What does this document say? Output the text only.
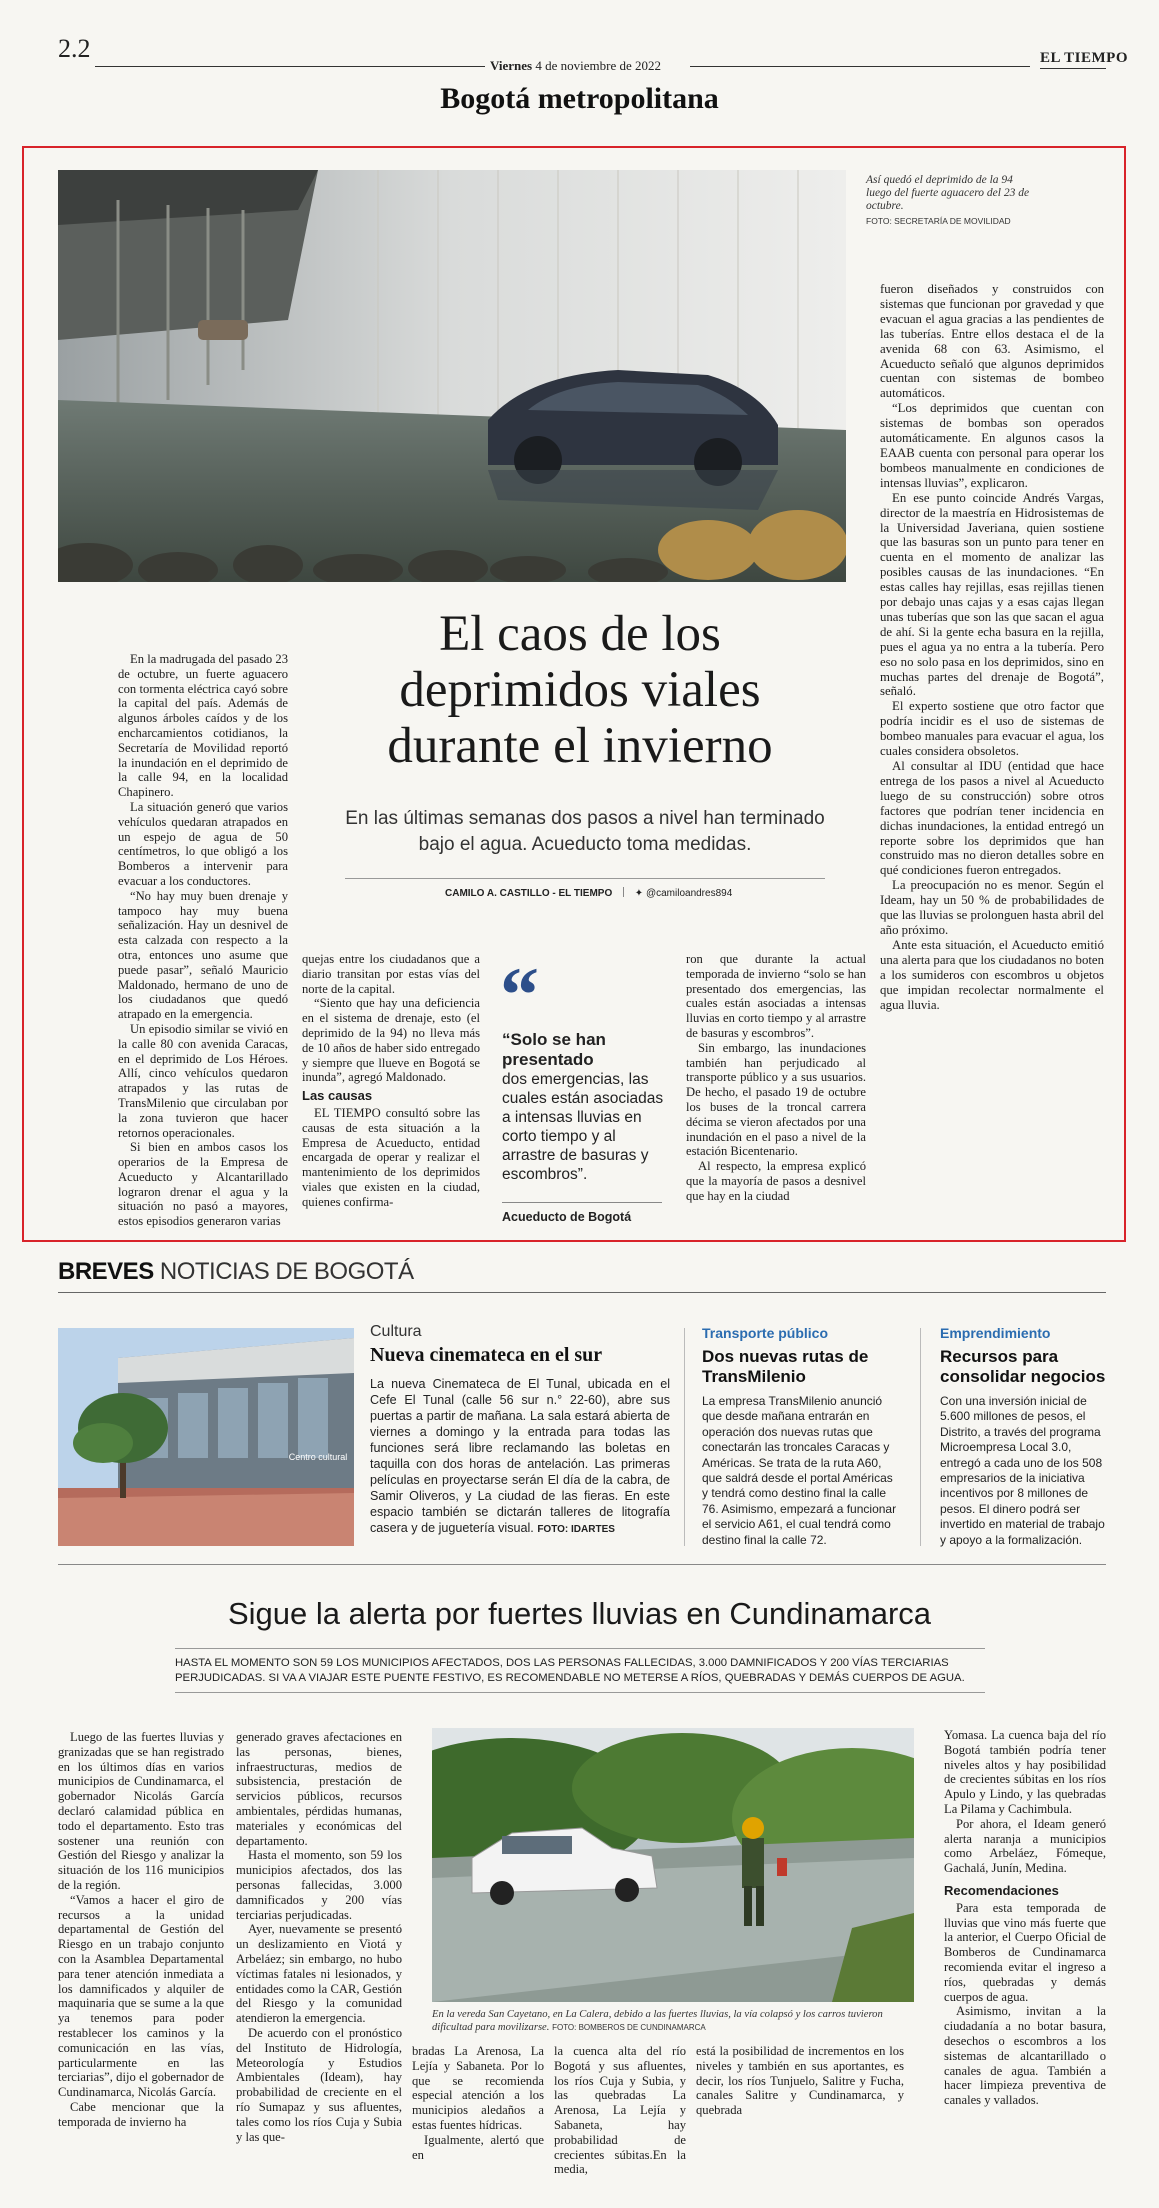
2.2
Viernes 4 de noviembre de 2022	EL TIEMPO
Bogotá metropolitana
Así quedó el deprimido de la 94 luego del fuerte aguacero del 23 de octubre.
FOTO: SECRETARÍA DE MOVILIDAD
El caos de los deprimidos viales durante el invierno
En las últimas semanas dos pasos a nivel han terminado bajo el agua. Acueducto toma medidas.
CAMILO A. CASTILLO - EL TIEMPO ✦ @camiloandres894

En la madrugada del pasado 23 de octubre, un fuerte aguacero con tormenta eléctrica cayó sobre la capital del país. Además de algunos árboles caídos y de los encharcamientos cotidianos, la Secretaría de Movilidad reportó la inundación en el deprimido de la calle 94, en la localidad Chapinero.

La situación generó que varios vehículos quedaran atrapados en un espejo de agua de 50 centímetros, lo que obligó a los Bomberos a intervenir para evacuar a los conductores.

“No hay muy buen drenaje y tampoco hay muy buena señalización. Hay un desnivel de esta calzada con respecto a la otra, entonces uno asume que puede pasar”, señaló Mauricio Maldonado, hermano de uno de los ciudadanos que quedó atrapado en la emergencia.

Un episodio similar se vivió en la calle 80 con avenida Caracas, en el deprimido de Los Héroes. Allí, cinco vehículos quedaron atrapados y las rutas de TransMilenio que circulaban por la zona tuvieron que hacer retornos operacionales.

Si bien en ambos casos los operarios de la Empresa de Acueducto y Alcantarillado lograron drenar el agua y la situación no pasó a mayores, estos episodios generaron varias

quejas entre los ciudadanos que a diario transitan por estas vías del norte de la capital.

“Siento que hay una deficiencia en el sistema de drenaje, esto (el deprimido de la 94) no lleva más de 10 años de haber sido entregado y siempre que llueve en Bogotá se inunda”, agregó Maldonado.

Las causas

EL TIEMPO consultó sobre las causas de esta situación a la Empresa de Acueducto, entidad encargada de operar y realizar el mantenimiento de los deprimidos viales que existen en la ciudad, quienes confirma-

“
“Solo se han presentado
dos emergencias, las cuales están asociadas a intensas lluvias en corto tiempo y al arrastre de basuras y escombros”.
Acueducto de Bogotá

ron que durante la actual temporada de invierno “solo se han presentado dos emergencias, las cuales están asociadas a intensas lluvias en corto tiempo y al arrastre de basuras y escombros”.

Sin embargo, las inundaciones también han perjudicado al transporte público y a sus usuarios. De hecho, el pasado 19 de octubre los buses de la troncal carrera décima se vieron afectados por una inundación en el paso a nivel de la estación Bicentenario.

Al respecto, la empresa explicó que la mayoría de pasos a desnivel que hay en la ciudad

fueron diseñados y construidos con sistemas que funcionan por gravedad y que evacuan el agua gracias a las pendientes de las tuberías. Entre ellos destaca el de la avenida 68 con 63. Asimismo, el Acueducto señaló que algunos deprimidos cuentan con sistemas de bombeo automáticos.

“Los deprimidos que cuentan con sistemas de bombas son operados automáticamente. En algunos casos la EAAB cuenta con personal para operar los bombeos manualmente en condiciones de intensas lluvias”, explicaron.

En ese punto coincide Andrés Vargas, director de la maestría en Hidrosistemas de la Universidad Javeriana, quien sostiene que las basuras son un punto para tener en cuenta en el momento de analizar las posibles causas de las inundaciones. “En estas calles hay rejillas, esas rejillas tienen por debajo unas cajas y a esas cajas llegan unas tuberías que son las que sacan el agua de ahí. Si la gente echa basura en la rejilla, pues el agua ya no entra a la tubería. Pero eso no solo pasa en los deprimidos, sino en muchas partes del drenaje de Bogotá”, señaló.

El experto sostiene que otro factor que podría incidir es el uso de sistemas de bombeo manuales para evacuar el agua, los cuales considera obsoletos.

Al consultar al IDU (entidad que hace entrega de los pasos a nivel al Acueducto luego de su construcción) sobre otros factores que podrían tener incidencia en dichas inundaciones, la entidad entregó un reporte sobre los deprimidos que han construido mas no dieron detalles sobre en qué condiciones fueron entregados.

La preocupación no es menor. Según el Ideam, hay un 50 % de probabilidades de que las lluvias se prolonguen hasta abril del año próximo.

Ante esta situación, el Acueducto emitió una alerta para que los ciudadanos no boten a los sumideros con escombros u objetos que impidan recolectar normalmente el agua lluvia.

BREVES NOTICIAS DE BOGOTÁ
Centro cultural
Cultura
Nueva cinemateca en el sur
La nueva Cinemateca de El Tunal, ubicada en el Cefe El Tunal (calle 56 sur n.° 22-60), abre sus puertas a partir de mañana. La sala estará abierta de viernes a domingo y la entrada para todas las funciones será libre reclamando las boletas en taquilla con dos horas de antelación. Las primeras películas en proyectarse serán El día de la cabra, de Samir Oliveros, y La ciudad de las fieras. En este espacio también se dictarán talleres de litografía casera y de juguetería visual. FOTO: IDARTES
Transporte público
Dos nuevas rutas de TransMilenio
La empresa TransMilenio anunció que desde mañana entrarán en operación dos nuevas rutas que conectarán las troncales Caracas y Américas. Se trata de la ruta A60, que saldrá desde el portal Américas y tendrá como destino final la calle 76. Asimismo, empezará a funcionar el servicio A61, el cual tendrá como destino final la calle 72.
Emprendimiento
Recursos para consolidar negocios
Con una inversión inicial de 5.600 millones de pesos, el Distrito, a través del programa Microempresa Local 3.0, entregó a cada uno de los 508 empresarios de la iniciativa incentivos por 8 millones de pesos. El dinero podrá ser invertido en material de trabajo y apoyo a la formalización.
Sigue la alerta por fuertes lluvias en Cundinamarca
HASTA EL MOMENTO SON 59 LOS MUNICIPIOS AFECTADOS, DOS LAS PERSONAS FALLECIDAS, 3.000 DAMNIFICADOS Y 200 VÍAS TERCIARIAS
PERJUDICADAS. SI VA A VIAJAR ESTE PUENTE FESTIVO, ES RECOMENDABLE NO METERSE A RÍOS, QUEBRADAS Y DEMÁS CUERPOS DE AGUA.

Luego de las fuertes lluvias y granizadas que se han registrado en los últimos días en varios municipios de Cundinamarca, el gobernador Nicolás García declaró calamidad pública en todo el departamento. Esto tras sostener una reunión con Gestión del Riesgo y analizar la situación de los 116 municipios de la región.

“Vamos a hacer el giro de recursos a la unidad departamental de Gestión del Riesgo en un trabajo conjunto con la Asamblea Departamental para tener atención inmediata a los damnificados y alquiler de maquinaria que se sume a la que ya tenemos para poder restablecer los caminos y la comunicación en las vías, particularmente en las terciarias”, dijo el gobernador de Cundinamarca, Nicolás García.

Cabe mencionar que la temporada de invierno ha

generado graves afectaciones en las personas, bienes, infraestructuras, medios de subsistencia, prestación de servicios públicos, recursos ambientales, pérdidas humanas, materiales y económicas del departamento.

Hasta el momento, son 59 los municipios afectados, dos las personas fallecidas, 3.000 damnificados y 200 vías terciarias perjudicadas.

Ayer, nuevamente se presentó un deslizamiento en Viotá y Arbeláez; sin embargo, no hubo víctimas fatales ni lesionados, y entidades como la CAR, Gestión del Riesgo y la comunidad atendieron la emergencia.

De acuerdo con el pronóstico del Instituto de Hidrología, Meteorología y Estudios Ambientales (Ideam), hay probabilidad de creciente en el río Sumapaz y sus afluentes, tales como los ríos Cuja y Subia y las que-

En la vereda San Cayetano, en La Calera, debido a las fuertes lluvias, la vía colapsó y los carros tuvieron dificultad para movilizarse. FOTO: BOMBEROS DE CUNDINAMARCA

bradas La Arenosa, La Lejía y Sabaneta. Por lo que se recomienda especial atención a los municipios aledaños a estas fuentes hídricas.

Igualmente, alertó que en

la cuenca alta del río Bogotá y sus afluentes, los ríos Cuja y Subia, y las quebradas La Arenosa, La Lejía y Sabaneta, hay probabilidad de crecientes súbitas.En la media,

está la posibilidad de incrementos en los niveles y también en sus aportantes, es decir, los ríos Tunjuelo, Salitre y Fucha, canales Salitre y Cundinamarca, y quebrada

Yomasa. La cuenca baja del río Bogotá también podría tener niveles altos y hay posibilidad de crecientes súbitas en los ríos Apulo y Lindo, y las quebradas La Pilama y Cachimbula.

Por ahora, el Ideam generó alerta naranja a municipios como Arbeláez, Fómeque, Gachalá, Junín, Medina.

Recomendaciones

Para esta temporada de lluvias que vino más fuerte que la anterior, el Cuerpo Oficial de Bomberos de Cundinamarca recomienda evitar el ingreso a ríos, quebradas y demás cuerpos de agua.

Asimismo, invitan a la ciudadanía a no botar basura, desechos o escombros a los sistemas de alcantarillado o canales de agua. También a hacer limpieza preventiva de canales y vallados.
